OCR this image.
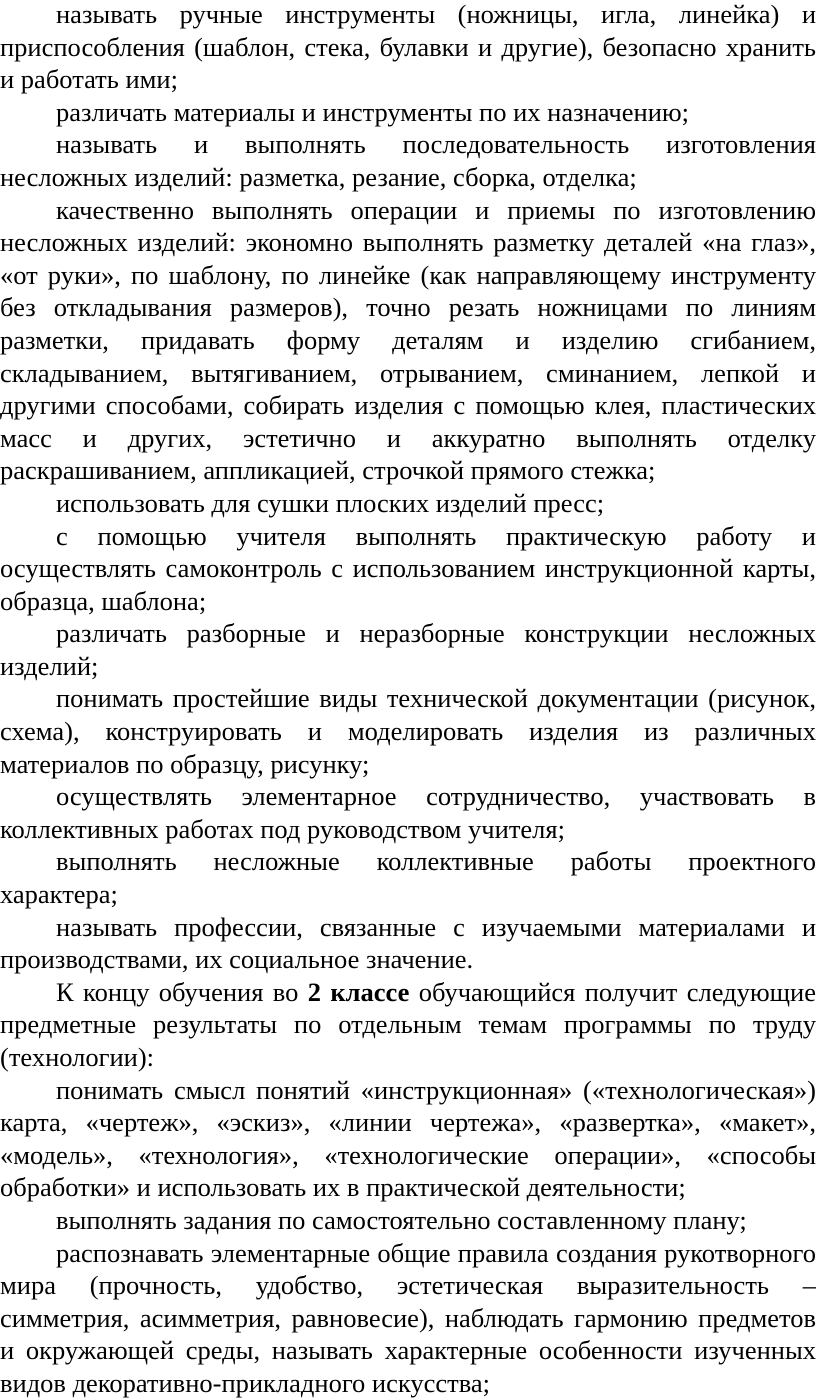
называть ручные инструменты (ножницы, игла, линейка) и приспособления (шаблон, стека, булавки и другие), безопасно хранить и работать ими;

различать материалы и инструменты по их назначению;

называть и выполнять последовательность изготовления несложных изделий: разметка, резание, сборка, отделка;

качественно выполнять операции и приемы по изготовлению несложных изделий: экономно выполнять разметку деталей «на глаз», «от руки», по шаблону, по линейке (как направляющему инструменту без откладывания размеров), точно резать ножницами по линиям разметки, придавать форму деталям и изделию сгибанием, складыванием, вытягиванием, отрыванием, сминанием, лепкой и другими способами, собирать изделия с помощью клея, пластических масс и других, эстетично и аккуратно выполнять отделку раскрашиванием, аппликацией, строчкой прямого стежка;

использовать для сушки плоских изделий пресс;

с помощью учителя выполнять практическую работу и осуществлять самоконтроль с использованием инструкционной карты, образца, шаблона;

различать разборные и неразборные конструкции несложных изделий;

понимать простейшие виды технической документации (рисунок, схема), конструировать и моделировать изделия из различных материалов по образцу, рисунку;

осуществлять элементарное сотрудничество, участвовать в коллективных работах под руководством учителя;

выполнять несложные коллективные работы проектного характера;

называть профессии, связанные с изучаемыми материалами и производствами, их социальное значение.

К концу обучения во 2 классе обучающийся получит следующие предметные результаты по отдельным темам программы по труду (технологии):

понимать смысл понятий «инструкционная» («технологическая») карта, «чертеж», «эскиз», «линии чертежа», «развертка», «макет», «модель», «технология», «технологические операции», «способы обработки» и использовать их в практической деятельности;

выполнять задания по самостоятельно составленному плану;

распознавать элементарные общие правила создания рукотворного мира (прочность, удобство, эстетическая выразительность – симметрия, асимметрия, равновесие), наблюдать гармонию предметов и окружающей среды, называть характерные особенности изученных видов декоративно-прикладного искусства;
